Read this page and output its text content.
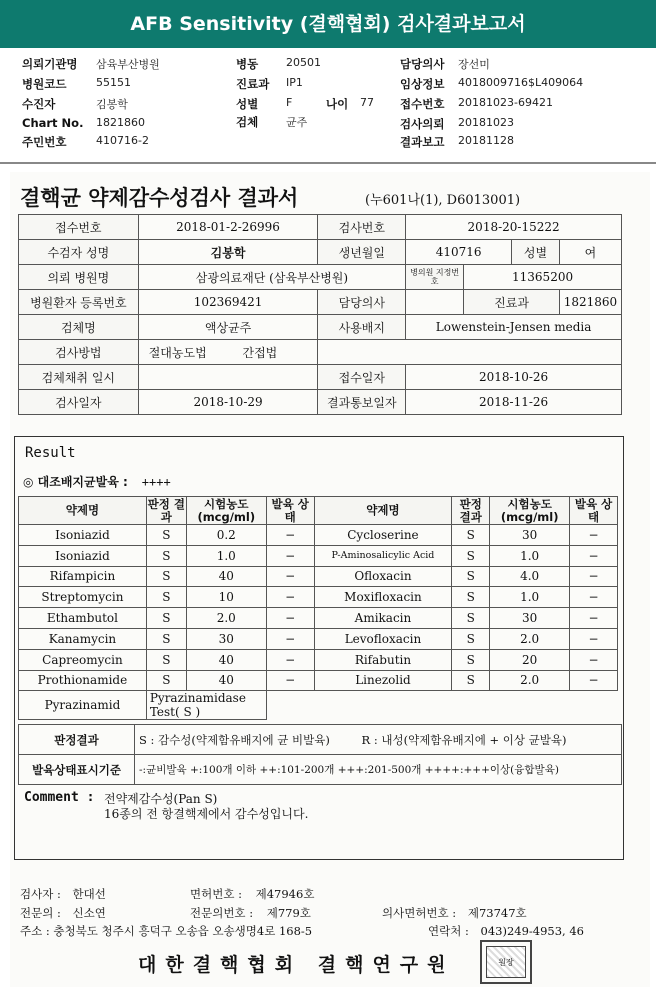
AFB Sensitivity (결핵협회) 검사결과보고서
의뢰기관명 삼육부산병원
병원코드	55151
수진자	김봉학
Chart No. 1821860
주민번호	410716-2
병동	20501
진료과 IP1
성별	F	나이 77
검체	균주
담당의사 장선미
임상정보 4018009716$L409064
접수번호 20181023-69421
검사의뢰 20181023
결과보고 20181128
결핵균 약제감수성검사 결과서	(누601나(1), D6013001)
접수번호	2018-01-2-26996	검사번호	2018-20-15222			
수검자 성명	김봉학	생년월일	410716		성별	여
의뢰 병원명	삼광의료재단 (삼육부산병원)		병의원 지정번호	11365200		
병원환자 등록번호	102369421	담당의사		진료과		1821860
검체명	액상균주	사용배지	Lowenstein-Jensen media			
검사방법	절대농도법 간접법					
검체채취 일시		접수일자	2018-10-26			
검사일자	2018-10-29	결과통보일자	2018-11-26			
Result
◎ 대조배지균발육 : ++++
약제명	판정 결과	시험농도 (mcg/ml)	발육 상태	약제명	판정 결과	시험농도 (mcg/ml)	발육 상태
Isoniazid	S	0.2	−	Cycloserine	S	30	−
Isoniazid	S	1.0	−	P-Aminosalicylic Acid	S	1.0	−
Rifampicin	S	40	−	Ofloxacin	S	4.0	−
Streptomycin	S	10	−	Moxifloxacin	S	1.0	−
Ethambutol	S	2.0	−	Amikacin	S	30	−
Kanamycin	S	30	−	Levofloxacin	S	2.0	−
Capreomycin	S	40	−	Rifabutin	S	20	−
Prothionamide	S	40	−	Linezolid	S	2.0	−
Pyrazinamid	Pyrazinamidase Test( S )						
판정결과	S : 감수성(약제함유배지에 균 비발육) R : 내성(약제함유배지에 + 이상 균발육)
발육상태표시기준	-:균비발육 +:100개 이하 ++:101-200개 +++:201-500개 ++++:+++이상(융합발육)
Comment : 전약제감수성(Pan S)
16종의 전 항결핵제에서 감수성입니다.
검사자 : 한대선	면허번호 : 제47946호
전문의 : 신소연	전문의번호 : 제779호	의사면허번호 : 제73747호
주소 : 충청북도 청주시 흥덕구 오송읍 오송생명4로 168-5	연락처 : 043)249-4953, 46
대한결핵협회 결핵연구원	원장
